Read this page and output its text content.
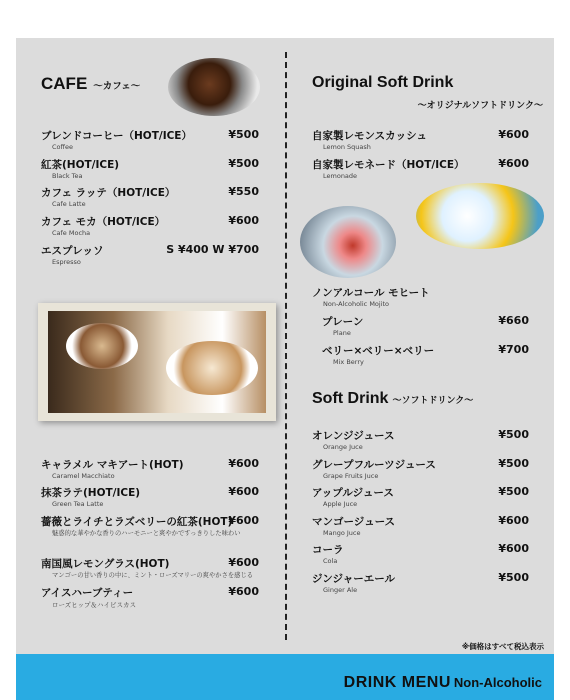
CAFE ～カフェ～	Original Soft Drink
～オリジナルソフトドリンク～
Soft Drink ～ソフトドリンク～
ブレンドコーヒー（HOT/ICE）
Coffee
¥500
紅茶(HOT/ICE)
Black Tea
¥500
カフェ ラッテ（HOT/ICE）
Cafe Latte
¥550
カフェ モカ（HOT/ICE）
Cafe Mocha
¥600
エスプレッソ
Espresso
S ¥400 W ¥700
キャラメル マキアート(HOT)
Caramel Macchiato
¥600
抹茶ラテ(HOT/ICE)
Green Tea Latte
¥600
薔薇とライチとラズベリーの紅茶(HOT)
魅惑的な華やかな香りのハーモニーと爽やかですっきりした味わい
¥600
南国風レモングラス(HOT)
マンゴーの甘い香りの中に、ミント・ローズマリーの爽やかさを感じる
¥600
アイスハーブティー
ローズヒップ＆ハイビスカス
¥600
自家製レモンスカッシュ
Lemon Squash
¥600
自家製レモネード（HOT/ICE）
Lemonade
¥600
ノンアルコール モヒート
Non-Alcoholic Mojito
プレーン
Plane
¥660
ベリー×ベリー×ベリー
Mix Berry
¥700
オレンジジュース
Orange Juce
¥500
グレープフルーツジュース
Grape Fruits Juce
¥500
アップルジュース
Apple Juce
¥500
マンゴージュース
Mango Juce
¥600
コーラ
Cola
¥600
ジンジャーエール
Ginger Ale
¥500
※価格はすべて税込表示
DRINK MENU Non-Alcoholic
